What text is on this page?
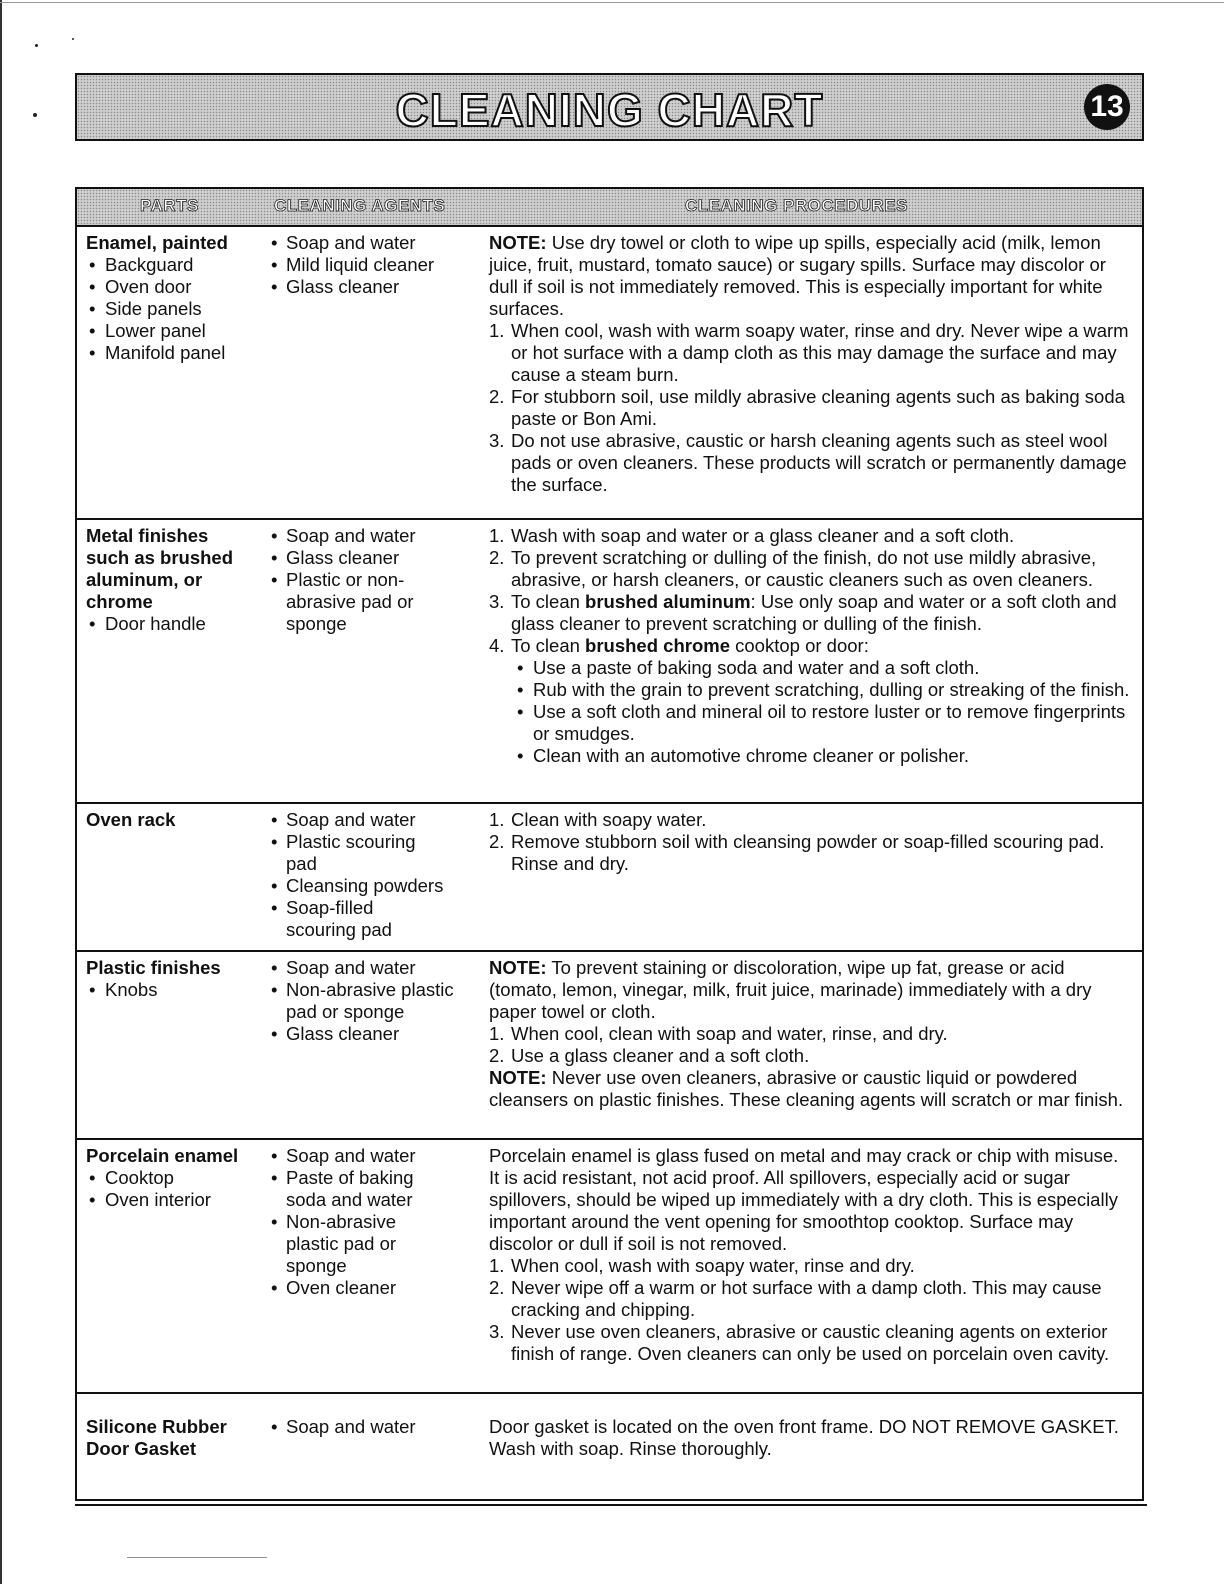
CLEANING CHART	13
PARTS	CLEANING AGENTS	CLEANING PROCEDURES
Enamel, painted
• Backguard
• Oven door
• Side panels
• Lower panel
• Manifold panel
• Soap and water
• Mild liquid cleaner
• Glass cleaner

NOTE: Use dry towel or cloth to wipe up spills, especially acid (milk, lemon juice, fruit, mustard, tomato sauce) or sugary spills. Surface may discolor or dull if soil is not immediately removed. This is especially important for white surfaces.

1. When cool, wash with warm soapy water, rinse and dry. Never wipe a warm or hot surface with a damp cloth as this may damage the surface and may cause a steam burn.
2. For stubborn soil, use mildly abrasive cleaning agents such as baking soda paste or Bon Ami.
3. Do not use abrasive, caustic or harsh cleaning agents such as steel wool pads or oven cleaners. These products will scratch or permanently damage the surface.
Metal finishes
such as brushed
aluminum, or
chrome
• Door handle
• Soap and water
• Glass cleaner
• Plastic or non-abrasive pad or sponge
1. Wash with soap and water or a glass cleaner and a soft cloth.
2. To prevent scratching or dulling of the finish, do not use mildly abrasive, abrasive, or harsh cleaners, or caustic cleaners such as oven cleaners.
3. To clean brushed aluminum: Use only soap and water or a soft cloth and glass cleaner to prevent scratching or dulling of the finish.
4. To clean brushed chrome cooktop or door:
• Use a paste of baking soda and water and a soft cloth.
• Rub with the grain to prevent scratching, dulling or streaking of the finish.
• Use a soft cloth and mineral oil to restore luster or to remove fingerprints or smudges.
• Clean with an automotive chrome cleaner or polisher.
Oven rack
•	Soap and water
• Plastic scouring pad
• Cleansing powders
• Soap-filled scouring pad
1. Clean with soapy water.
2. Remove stubborn soil with cleansing powder or soap-filled scouring pad. Rinse and dry.
Plastic finishes
• Knobs
• Soap and water
• Non-abrasive plastic pad or sponge
• Glass cleaner

NOTE: To prevent staining or discoloration, wipe up fat, grease or acid (tomato, lemon, vinegar, milk, fruit juice, marinade) immediately with a dry paper towel or cloth.

1. When cool, clean with soap and water, rinse, and dry.
2. Use a glass cleaner and a soft cloth.

NOTE: Never use oven cleaners, abrasive or caustic liquid or powdered cleansers on plastic finishes. These cleaning agents will scratch or mar finish.

Porcelain enamel
• Cooktop
• Oven interior
• Soap and water
• Paste of baking soda and water
• Non-abrasive plastic pad or sponge
• Oven cleaner

Porcelain enamel is glass fused on metal and may crack or chip with misuse. It is acid resistant, not acid proof. All spillovers, especially acid or sugar spillovers, should be wiped up immediately with a dry cloth. This is especially important around the vent opening for smoothtop cooktop. Surface may discolor or dull if soil is not removed.

1. When cool, wash with soapy water, rinse and dry.
2. Never wipe off a warm or hot surface with a damp cloth. This may cause cracking and chipping.
3. Never use oven cleaners, abrasive or caustic cleaning agents on exterior finish of range. Oven cleaners can only be used on porcelain oven cavity.
Silicone Rubber
Door Gasket
• Soap and water	Door gasket is located on the oven front frame. DO NOT REMOVE GASKET. Wash with soap. Rinse thoroughly.
